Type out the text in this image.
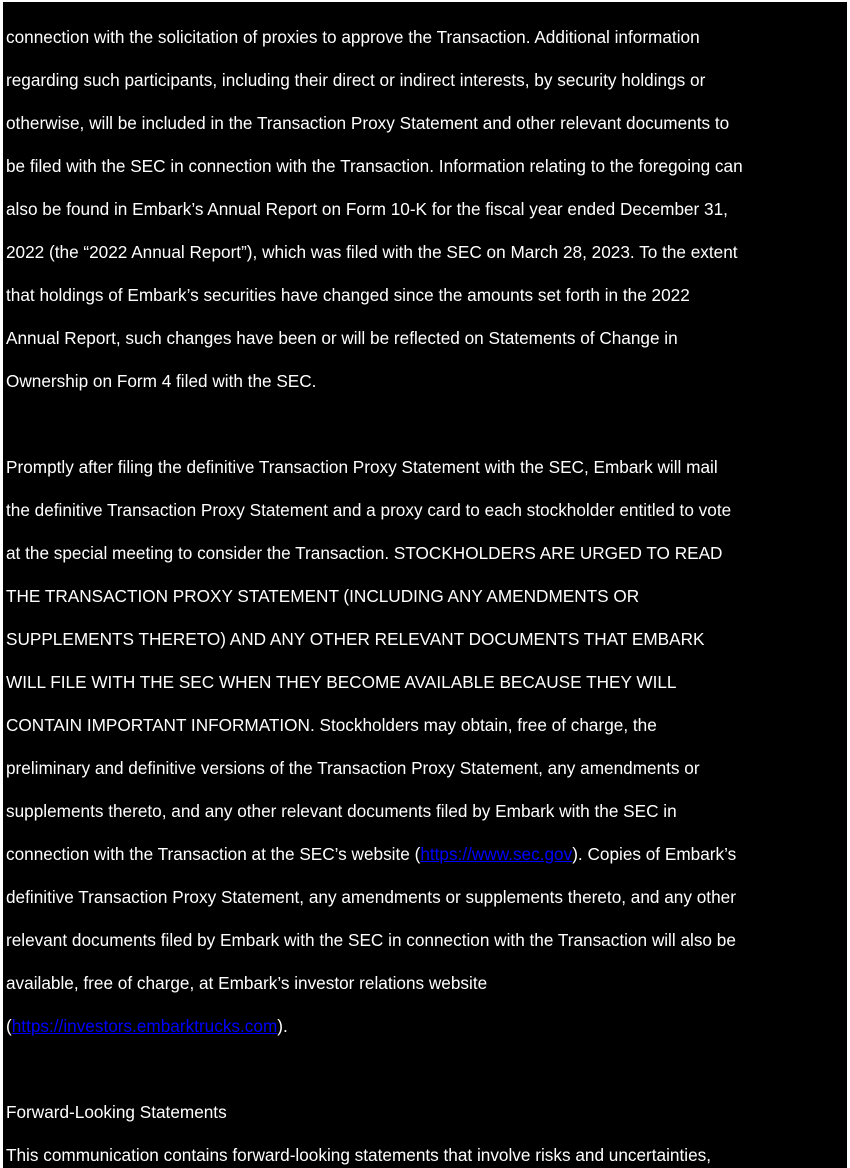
connection with the solicitation of proxies to approve the Transaction. Additional information
regarding such participants, including their direct or indirect interests, by security holdings or
otherwise, will be included in the Transaction Proxy Statement and other relevant documents to
be filed with the SEC in connection with the Transaction. Information relating to the foregoing can
also be found in Embark’s Annual Report on Form 10-K for the fiscal year ended December 31,
2022 (the “2022 Annual Report”), which was filed with the SEC on March 28, 2023. To the extent
that holdings of Embark’s securities have changed since the amounts set forth in the 2022
Annual Report, such changes have been or will be reflected on Statements of Change in
Ownership on Form 4 filed with the SEC.
Promptly after filing the definitive Transaction Proxy Statement with the SEC, Embark will mail
the definitive Transaction Proxy Statement and a proxy card to each stockholder entitled to vote
at the special meeting to consider the Transaction. STOCKHOLDERS ARE URGED TO READ
THE TRANSACTION PROXY STATEMENT (INCLUDING ANY AMENDMENTS OR
SUPPLEMENTS THERETO) AND ANY OTHER RELEVANT DOCUMENTS THAT EMBARK
WILL FILE WITH THE SEC WHEN THEY BECOME AVAILABLE BECAUSE THEY WILL
CONTAIN IMPORTANT INFORMATION. Stockholders may obtain, free of charge, the
preliminary and definitive versions of the Transaction Proxy Statement, any amendments or
supplements thereto, and any other relevant documents filed by Embark with the SEC in
connection with the Transaction at the SEC’s website (https://www.sec.gov). Copies of Embark’s
definitive Transaction Proxy Statement, any amendments or supplements thereto, and any other
relevant documents filed by Embark with the SEC in connection with the Transaction will also be
available, free of charge, at Embark’s investor relations website
(https://investors.embarktrucks.com).
Forward-Looking Statements
This communication contains forward-looking statements that involve risks and uncertainties,
